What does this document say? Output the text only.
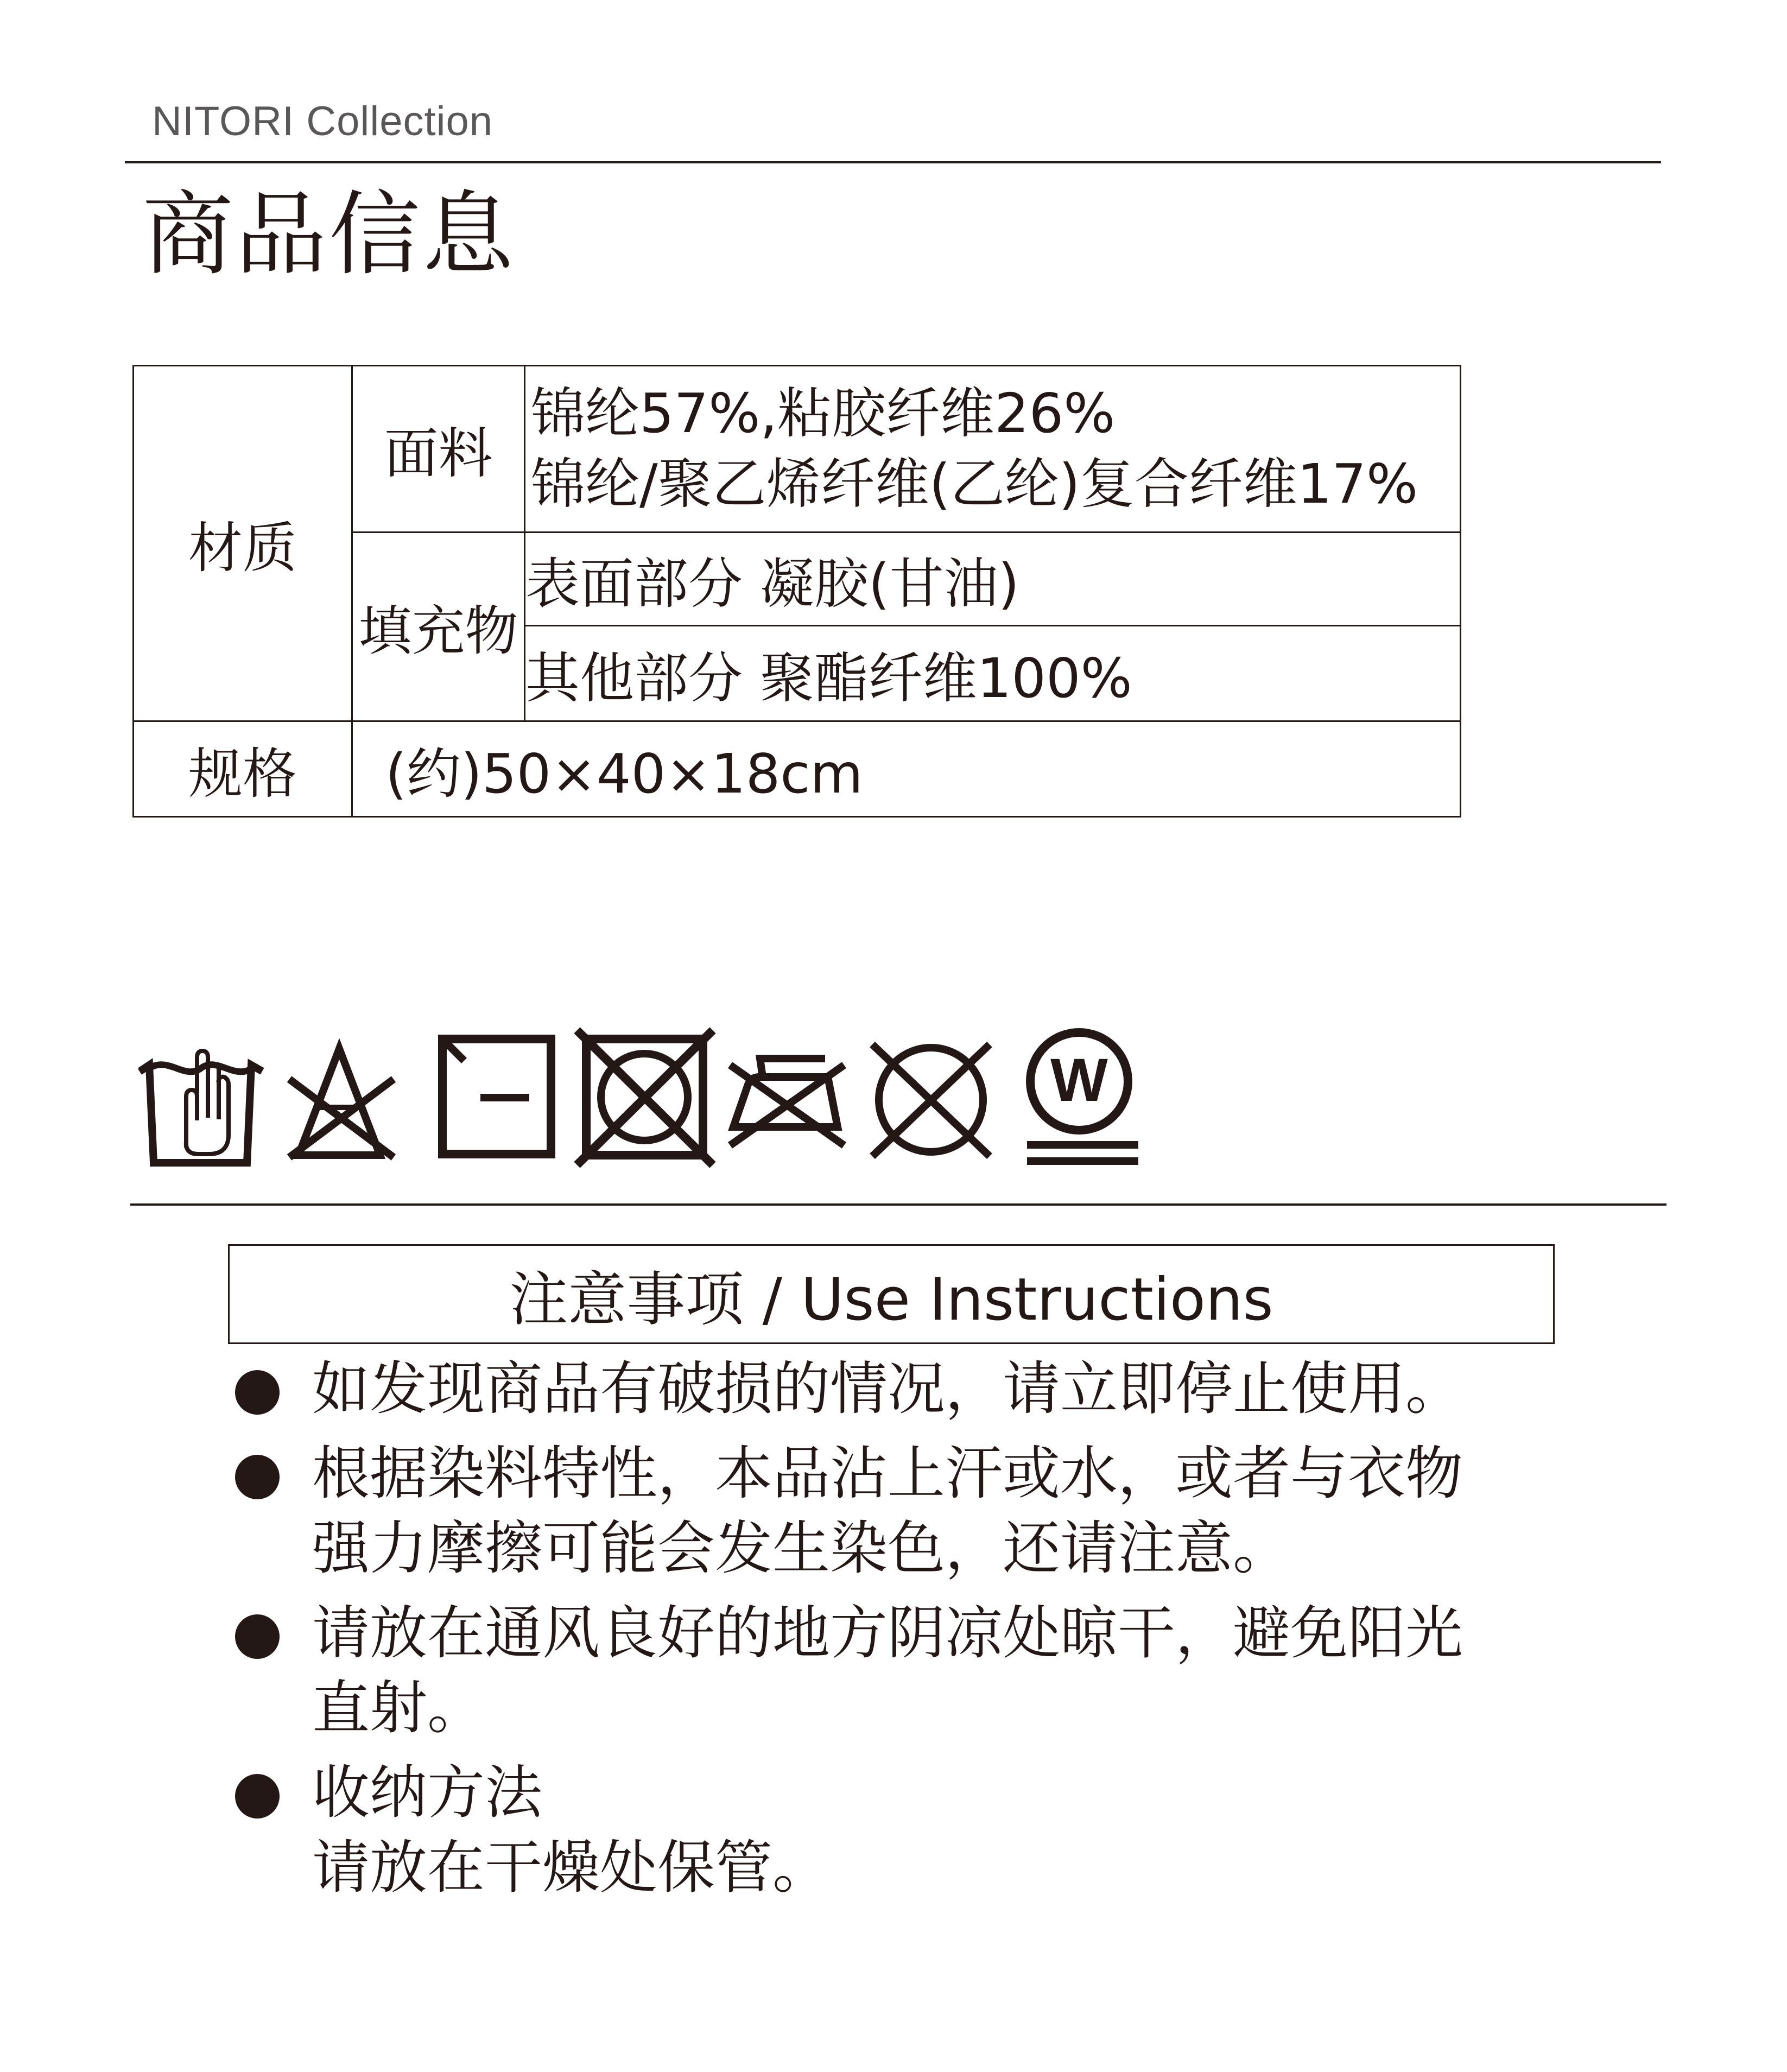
NITORI Collection
商品信息
材质	面料	锦纶57%,粘胶纤维26%
锦纶/聚乙烯纤维(乙纶)复合纤维17%

	填充物	表面部分 凝胶(甘油)
		其他部分 聚酯纤维100%
规格	(约)50×40×18cm	
W
注意事项 / Use Instructions
如发现商品有破损的情况，请立即停止使用。
根据染料特性，本品沾上汗或水，或者与衣物
强力摩擦可能会发生染色，还请注意。
请放在通风良好的地方阴凉处晾干，避免阳光
直射。
收纳方法
请放在干燥处保管。
